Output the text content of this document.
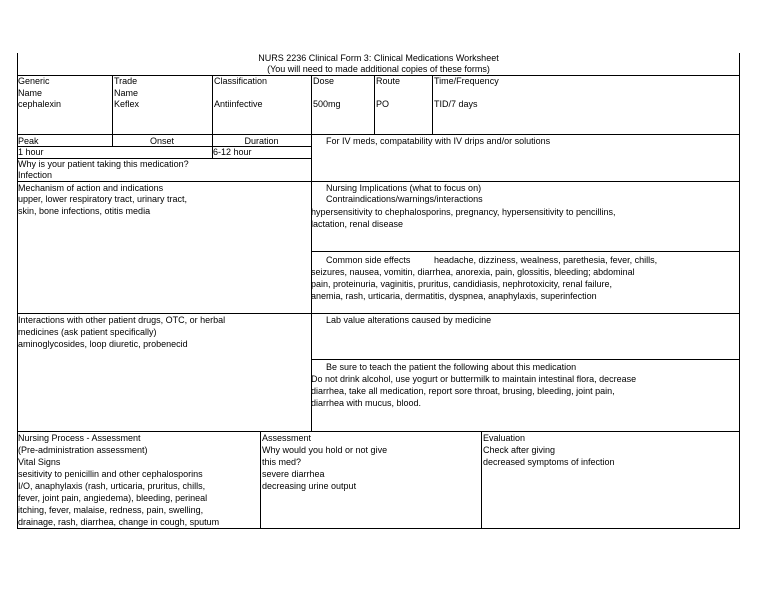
NURS 2236 Clinical Form 3: Clinical Medications Worksheet
(You will need to made additional copies of these forms)
Generic
Name
cephalexin
Trade
Name
Keflex
Classification
Antiinfective
Dose
500mg
Route
PO
Time/Frequency
TID/7 days
Peak
1 hour
Onset	Duration
6-12 hour
For IV meds, compatability with IV drips and/or solutions
Why is your patient taking this medication?
Infection
Mechanism of action and indications
upper, lower respiratory tract, urinary tract,
skin, bone infections, otitis media
Nursing Implications (what to focus on)
Contraindications/warnings/interactions
hypersensitivity to chephalosporins, pregnancy, hypersensitivity to pencillins,
lactation, renal disease
Common side effects	headache, dizziness, wealness, parethesia, fever, chills,
seizures, nausea, vomitin, diarrhea, anorexia, pain, glossitis, bleeding; abdominal
pain, proteinuria, vaginitis, pruritus, candidiasis, nephrotoxicity, renal failure,
anemia, rash, urticaria, dermatitis, dyspnea, anaphylaxis, superinfection
Interactions with other patient drugs, OTC, or herbal
medicines (ask patient specifically)
aminoglycosides, loop diuretic, probenecid
Lab value alterations caused by medicine
Be sure to teach the patient the following about this medication
Do not drink alcohol, use yogurt or buttermilk to maintain intestinal flora, decrease
diarrhea, take all medication, report sore throat, brusing, bleeding, joint pain,
diarrhea with mucus, blood.
Nursing Process - Assessment
(Pre-administration assessment)
Vital Signs
sesitivity to penicillin and other cephalosporins
I/O, anaphylaxis (rash, urticaria, pruritus, chills,
fever, joint pain, angiedema), bleeding, perineal
itching, fever, malaise, redness, pain, swelling,
drainage, rash, diarrhea, change in cough, sputum
Assessment
Why would you hold or not give
this med?
severe diarrhea
decreasing urine output
Evaluation
Check after giving
decreased symptoms of infection
